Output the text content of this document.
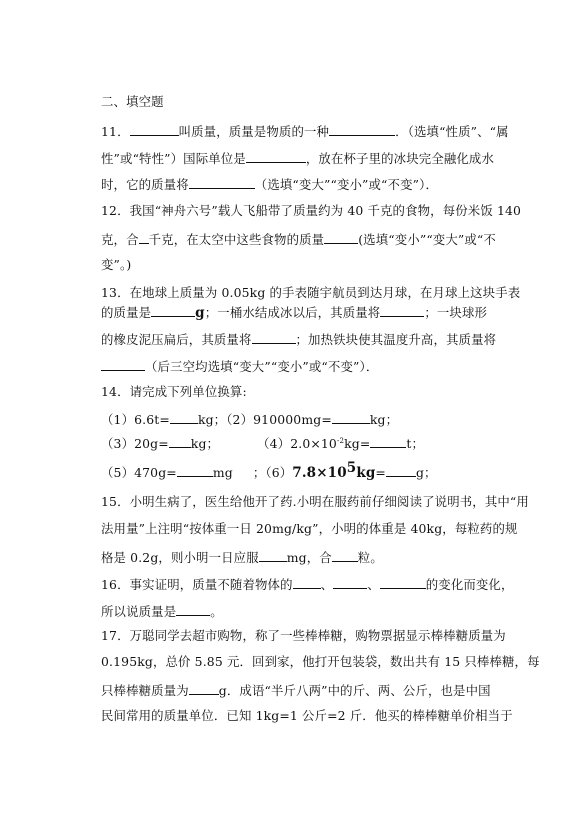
二、填空题
11．	叫质量，质量是物质的一种	．（选填“性质”、“属
性”或“特性”）国际单位是	，放在杯子里的冰块完全融化成水
时，它的质量将	（选填“变大”“变小”或“不变”）．
12．我国“神舟六号”载人飞船带了质量约为 40 千克的食物，每份米饭 140
克，合 千克，在太空中这些食物的质量	(选填“变小”“变大”或“不
变”。)
13．在地球上质量为 0.05kg 的手表随宇航员到达月球，在月球上这块手表
的质量是	g；一桶水结成冰以后，其质量将	；一块球形
的橡皮泥压扁后，其质量将	；加热铁块使其温度升高，其质量将
（后三空均选填“变大”“变小”或“不变”）．
14．请完成下列单位换算:
（1）6.6t= kg；（2）910000mg=	kg；
（3）20g= kg；	$(4)2.0\times 10^{-2}kg=$	t；
（5）470g=	mg ；$(6)7.8\times 10^5kg= g$；
15．小明生病了，医生给他开了药.小明在服药前仔细阅读了说明书，其中“用
法用量”上注明“按体重一日 20mg/kg”，小明的体重是 40kg，每粒药的规
格是 0.2g，则小明一日应服 mg，合 粒。
16．事实证明，质量不随着物体的 、	、	的变化而变化，
所以说质量是	。
17．万聪同学去超市购物，称了一些棒棒糖，购物票据显示棒棒糖质量为
0.195kg，总价 5.85 元．回到家，他打开包装袋，数出共有 15 只棒棒糖，每
只棒棒糖质量为 g．成语“半斤八两”中的斤、两、公斤，也是中国
民间常用的质量单位．已知 1kg=1 公斤=2 斤．他买的棒棒糖单价相当于
